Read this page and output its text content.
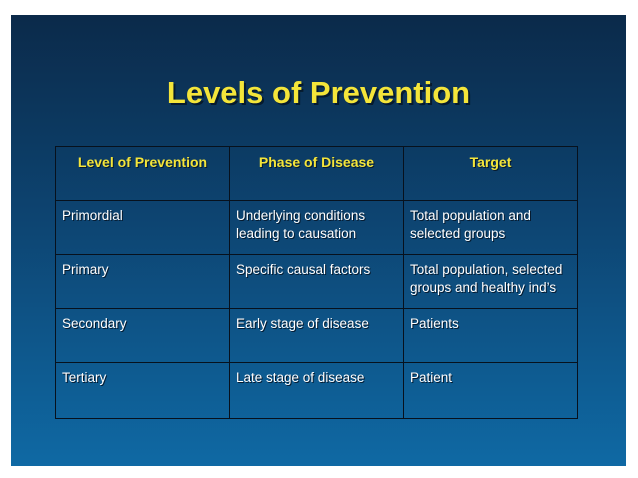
Levels of Prevention
Level of Prevention	Phase of Disease	Target
Primordial	Underlying conditions leading to causation	Total population and selected groups
Primary	Specific causal factors	Total population, selected groups and healthy ind’s
Secondary	Early stage of disease	Patients
Tertiary	Late stage of disease	Patient
